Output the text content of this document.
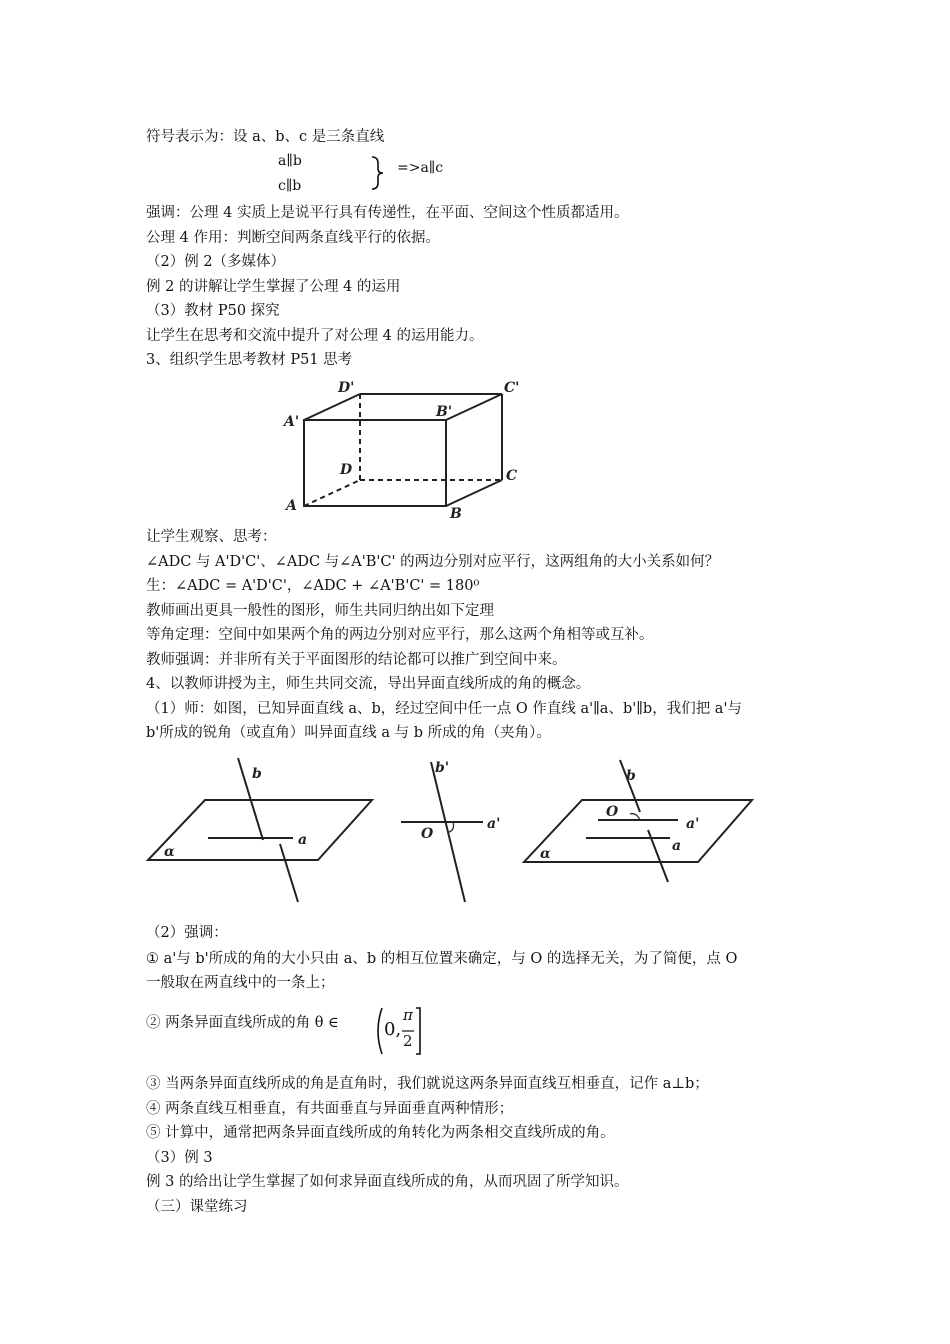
符号表示为：设 a、b、c 是三条直线
a∥b
c∥b
=>a∥c
强调：公理 4 实质上是说平行具有传递性，在平面、空间这个性质都适用。
公理 4 作用：判断空间两条直线平行的依据。
（2）例 2（多媒体）
例 2 的讲解让学生掌握了公理 4 的运用
（3）教材 P50 探究
让学生在思考和交流中提升了对公理 4 的运用能力。
3、组织学生思考教材 P51 思考
A	B
C
D
A'
B'
C'
D'
让学生观察、思考：
∠ADC 与 A'D'C'、∠ADC 与∠A'B'C' 的两边分别对应平行，这两组角的大小关系如何？
生：∠ADC = A'D'C'，∠ADC + ∠A'B'C' = 180⁰
教师画出更具一般性的图形，师生共同归纳出如下定理
等角定理：空间中如果两个角的两边分别对应平行，那么这两个角相等或互补。
教师强调：并非所有关于平面图形的结论都可以推广到空间中来。
4、以教师讲授为主，师生共同交流，导出异面直线所成的角的概念。
（1）师：如图，已知异面直线 a、b，经过空间中任一点 O 作直线 a'∥a、b'∥b，我们把 a'与
b'所成的锐角（或直角）叫异面直线 a 与 b 所成的角（夹角）。
b
a
α
b'
a'
O
b
O
a'
a
α
（2）强调：
① a'与 b'所成的角的大小只由 a、b 的相互位置来确定，与 O 的选择无关，为了简便，点 O
一般取在两直线中的一条上；
② 两条异面直线所成的角 θ ∈	0,
π
2
③ 当两条异面直线所成的角是直角时，我们就说这两条异面直线互相垂直，记作 a⊥b；
④ 两条直线互相垂直，有共面垂直与异面垂直两种情形；
⑤ 计算中，通常把两条异面直线所成的角转化为两条相交直线所成的角。
（3）例 3
例 3 的给出让学生掌握了如何求异面直线所成的角，从而巩固了所学知识。
（三）课堂练习
